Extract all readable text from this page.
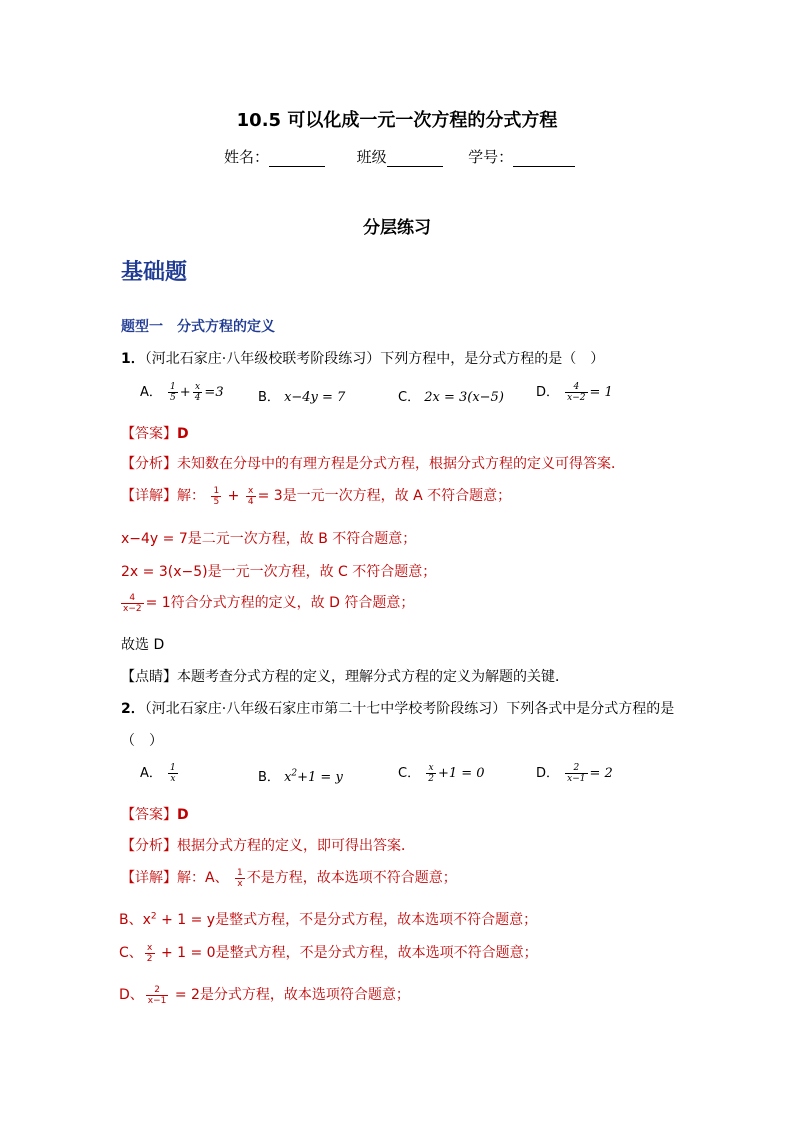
10.5 可以化成一元一次方程的分式方程
姓名：	班级	学号：
分层练习
基础题
题型一　分式方程的定义
1．（河北石家庄·八年级校联考阶段练习）下列方程中，是分式方程的是（　）
A． $\frac{1}{5} + \frac{x}{4} =3$	B． x−4y = 7	C． 2x = 3(x−5) D． $\frac{4}{x-2} = 1$
【答案】D
【分析】未知数在分母中的有理方程是分式方程，根据分式方程的定义可得答案．
【详解】解： $\frac{1}{5} + \frac{x}{4} = 3$是一元一次方程，故 A 不符合题意；
x−4y = 7是二元一次方程，故 B 不符合题意；
2x = 3(x−5)是一元一次方程，故 C 不符合题意；
$\frac{4}{x-2} = 1$符合分式方程的定义，故 D 符合题意；
故选 D
【点睛】本题考查分式方程的定义，理解分式方程的定义为解题的关键．
2．（河北石家庄·八年级石家庄市第二十七中学校考阶段练习）下列各式中是分式方程的是
（　）
A． $\frac{1}{x}$	B． $x^2+1 = y$	C． $\frac{x}{2} +1 = 0$	D． $\frac{2}{x-1} = 2$
【答案】D
【分析】根据分式方程的定义，即可得出答案．
【详解】解：A、 $\frac{1}{x}$ 不是方程，故本选项不符合题意；
B、$x^2 + 1 = y$是整式方程，不是分式方程，故本选项不符合题意；
C、 $\frac{x}{2} + 1 = 0$是整式方程，不是分式方程，故本选项不符合题意；
D、 $\frac{2}{x-1} = 2$是分式方程，故本选项符合题意；
